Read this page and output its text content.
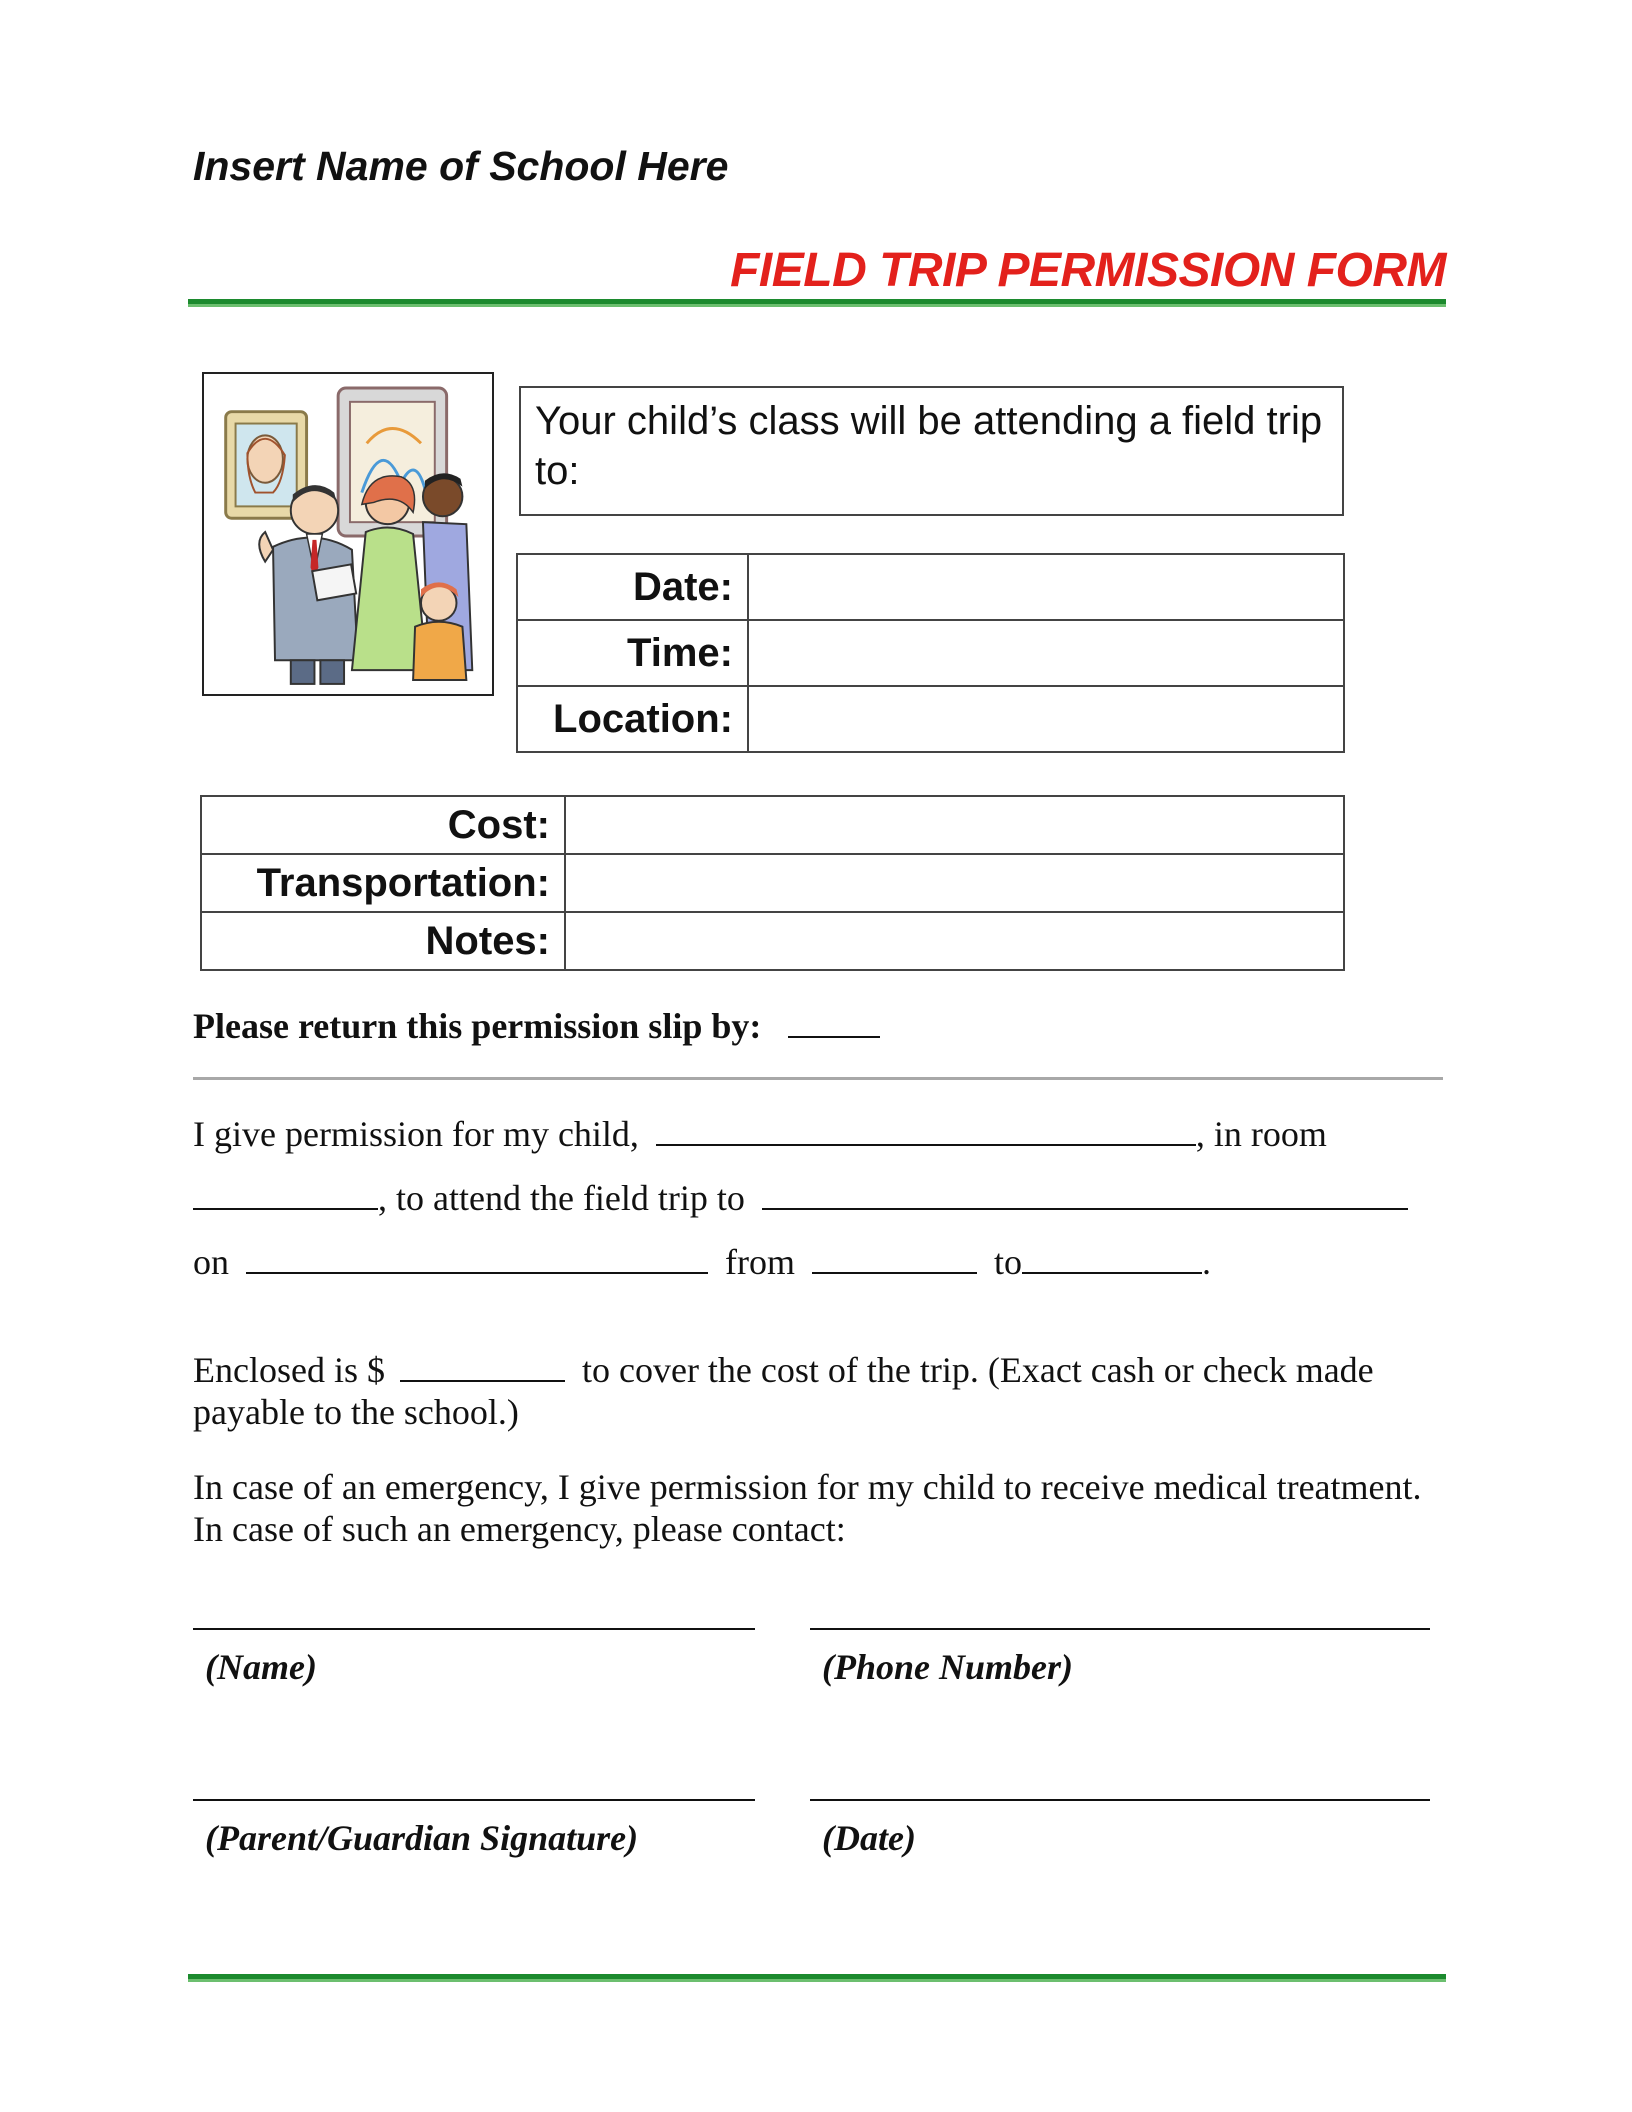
Insert Name of School Here
FIELD TRIP PERMISSION FORM
Your child’s class will be attending a field trip to:
Date:	
Time:	
Location:	
Cost:	
Transportation:	
Notes:	
Please return this permission slip by:
I give permission for my child,	, in room
, to attend the field trip to
on	from	to	.
Enclosed is $	to cover the cost of the trip. (Exact cash or check made payable to the school.)
In case of an emergency, I give permission for my child to receive medical treatment. In case of such an emergency, please contact:
(Name)	(Phone Number)
(Parent/Guardian Signature)	(Date)
